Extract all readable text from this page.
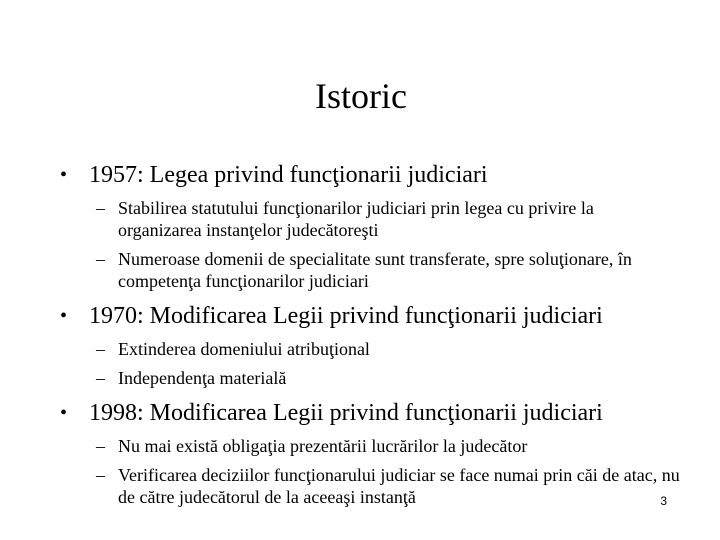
Istoric
• 1957: Legea privind funcţionarii judiciari
– Stabilirea statutului funcţionarilor judiciari prin legea cu privire la organizarea instanţelor judecătoreşti
– Numeroase domenii de specialitate sunt transferate, spre soluţionare, în competenţa funcţionarilor judiciari
• 1970: Modificarea Legii privind funcţionarii judiciari
– Extinderea domeniului atribuţional
– Independenţa materială
• 1998: Modificarea Legii privind funcţionarii judiciari
– Nu mai există obligaţia prezentării lucrărilor la judecător
– Verificarea deciziilor funcţionarului judiciar se face numai prin căi de atac, nu de către judecătorul de la aceeaşi instanţă	3
